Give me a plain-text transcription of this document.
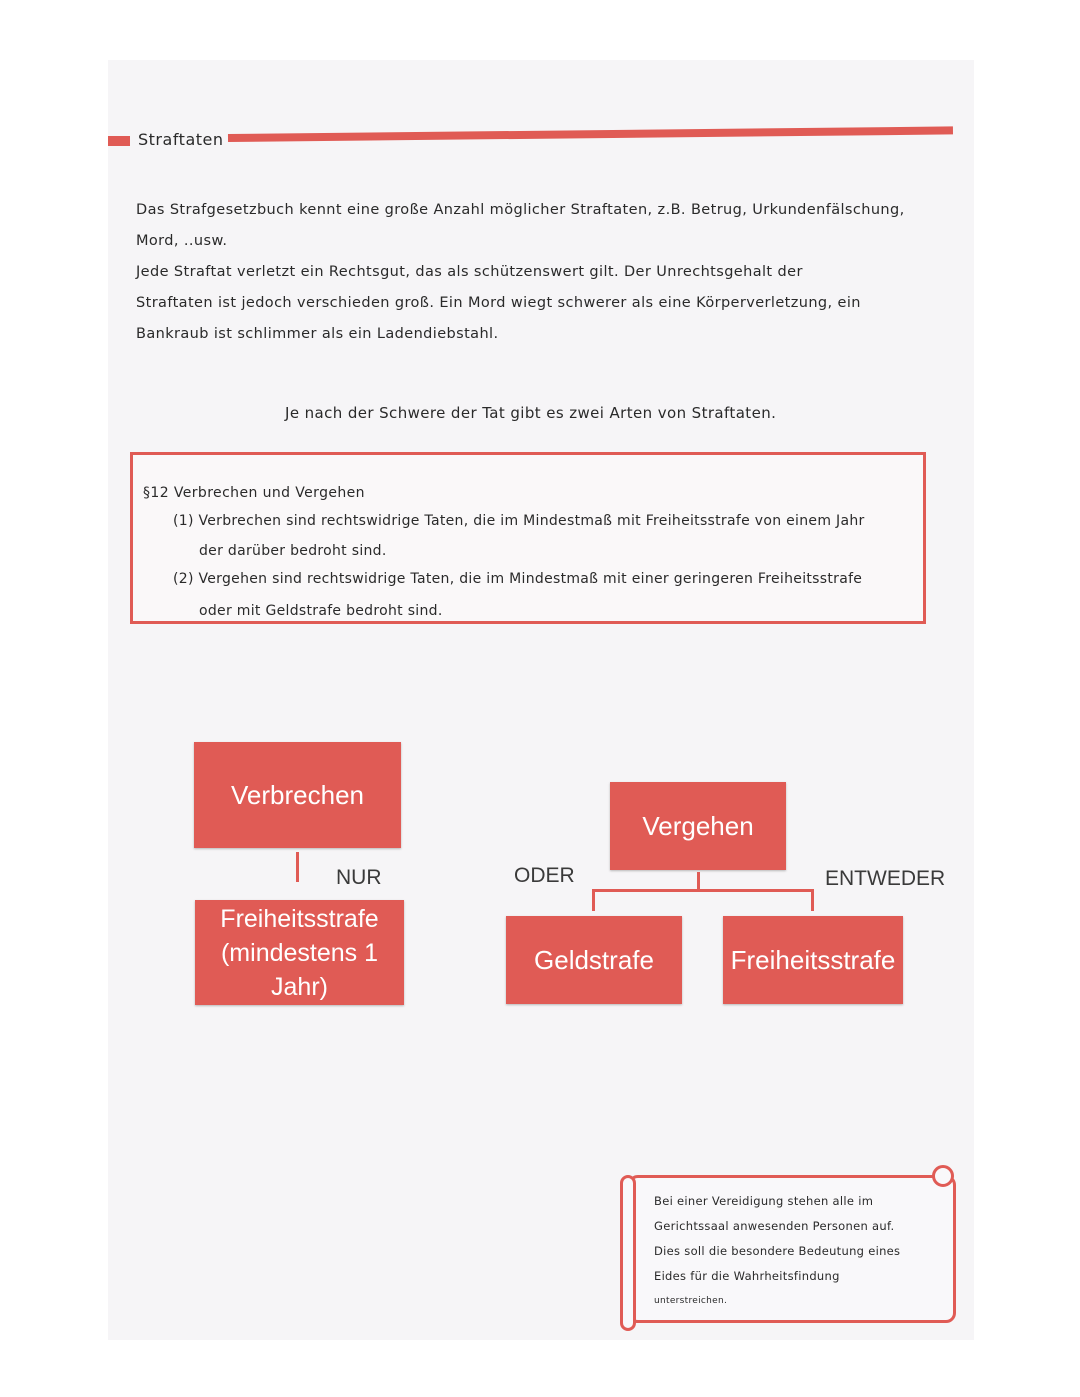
Straftaten

Das Strafgesetzbuch kennt eine große Anzahl möglicher Straftaten, z.B. Betrug, Urkundenfälschung,

Mord, ..usw.

Jede Straftat verletzt ein Rechtsgut, das als schützenswert gilt. Der Unrechtsgehalt der

Straftaten ist jedoch verschieden groß. Ein Mord wiegt schwerer als eine Körperverletzung, ein

Bankraub ist schlimmer als ein Ladendiebstahl.

Je nach der Schwere der Tat gibt es zwei Arten von Straftaten.
§12 Verbrechen und Vergehen
(1) Verbrechen sind rechtswidrige Taten, die im Mindestmaß mit Freiheitsstrafe von einem Jahr
der darüber bedroht sind.
(2) Vergehen sind rechtswidrige Taten, die im Mindestmaß mit einer geringeren Freiheitsstrafe
oder mit Geldstrafe bedroht sind.
Verbrechen
NUR
Freiheitsstrafe (mindestens 1 Jahr)
Vergehen
ODER	ENTWEDER
Geldstrafe	Freiheitsstrafe

Bei einer Vereidigung stehen alle im

Gerichtssaal anwesenden Personen auf.

Dies soll die besondere Bedeutung eines

Eides für die Wahrheitsfindung

unterstreichen.
